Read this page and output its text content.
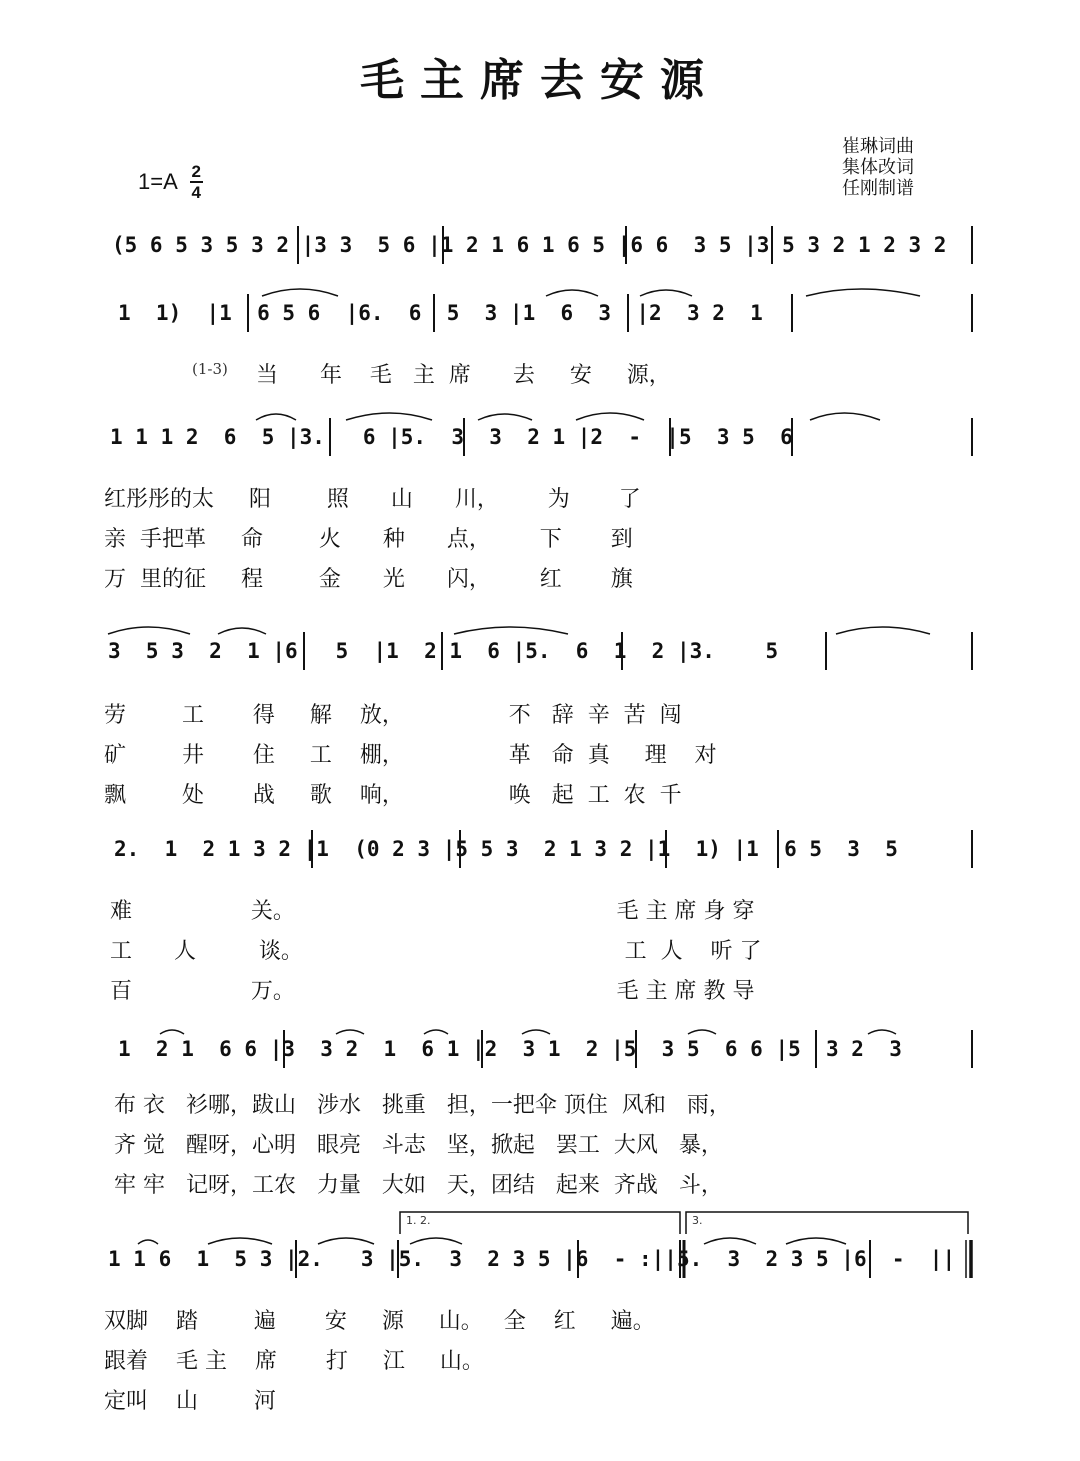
毛主席去安源
1=A 2
4
崔琳词曲
集体改词
任刚制谱
(5 6 5 3 5 3 2 |3 3  5 6 |1 2 1 6 1 6 5 |6 6  3 5 |3 5 3 2 1 2 3 2
1  1)  |1  6 5 6  |6.  6  5  3 |1  6  3  |2  3 2  1
(1-3) 当      年    毛   主  席      去     安     源，
1 1 1 2  6  5 |3.   6 |5.  3  3  2 1 |2  -  |5  3 5  6
红彤彤的太     阳        照      山      川，       为       了
亲  手把革     命        火      种      点，       下       到
万  里的征     程        金      光      闪，       红       旗
3  5 3  2  1 |6   5  |1  2 1  6 |5.  6  1  2 |3.    5
劳        工       得     解    放，               不   辞  辛  苦  闯
矿        井       住     工    棚，               革   命  真     理    对
飘        处       战     歌    响，               唤   起  工  农  千
2.  1  2 1 3 2 |1  (0 2 3 |5 5 3  2 1 3 2 |1  1) |1  6 5  3  5
难                 关。                                              毛 主 席 身 穿
工      人         谈。                                              工  人    听 了
百                 万。                                              毛 主 席 教 导
1  2 1  6 6 |3  3 2  1  6 1 |2  3 1  2 |5  3 5  6 6 |5  3 2  3
布 衣   衫哪，跋山   涉水   挑重   担，一把伞 顶住  风和   雨，
齐 觉   醒呀，心明   眼亮   斗志   坚，掀起   罢工  大风   暴，
牢 牢   记呀，工农   力量   大如   天，团结   起来  齐战   斗，
1. 2.	3.
1 1 6  1  5 3 |2.   3 |5.  3  2 3 5 |6  - :||5.  3  2 3 5 |6  -  ||
双脚    踏        遍       安     源     山。   全    红     遍。
跟着    毛 主    席       打     江     山。
定叫    山        河
